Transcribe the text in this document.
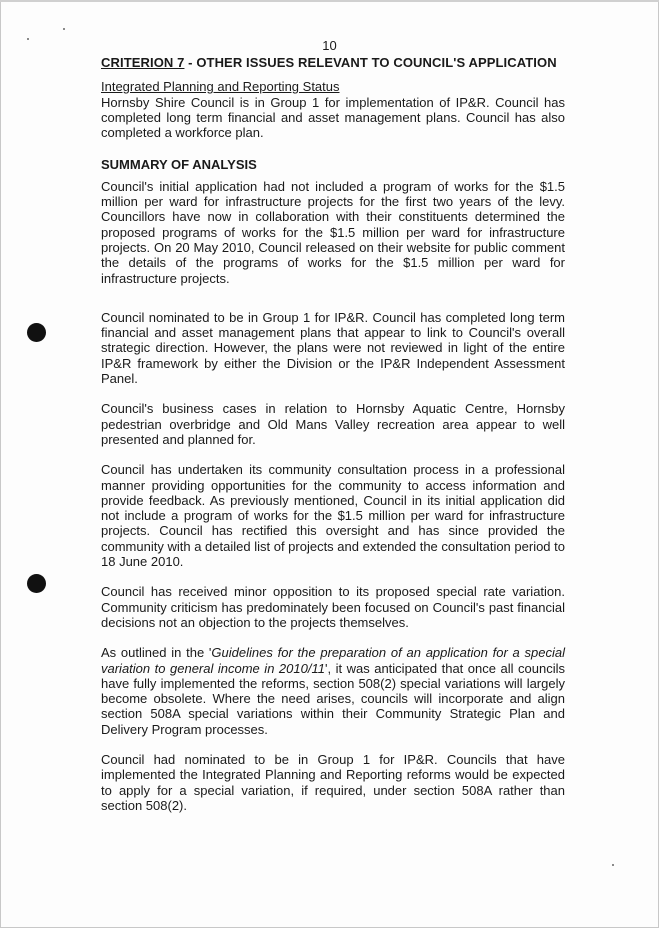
10

CRITERION 7 - OTHER ISSUES RELEVANT TO COUNCIL'S APPLICATION

Integrated Planning and Reporting Status

Hornsby Shire Council is in Group 1 for implementation of IP&R. Council has completed long term financial and asset management plans. Council has also completed a workforce plan.

SUMMARY OF ANALYSIS

Council's initial application had not included a program of works for the $1.5 million per ward for infrastructure projects for the first two years of the levy. Councillors have now in collaboration with their constituents determined the proposed programs of works for the $1.5 million per ward for infrastructure projects. On 20 May 2010, Council released on their website for public comment the details of the programs of works for the $1.5 million per ward for infrastructure projects.

Council nominated to be in Group 1 for IP&R. Council has completed long term financial and asset management plans that appear to link to Council's overall strategic direction. However, the plans were not reviewed in light of the entire IP&R framework by either the Division or the IP&R Independent Assessment Panel.

Council's business cases in relation to Hornsby Aquatic Centre, Hornsby pedestrian overbridge and Old Mans Valley recreation area appear to well presented and planned for.

Council has undertaken its community consultation process in a professional manner providing opportunities for the community to access information and provide feedback. As previously mentioned, Council in its initial application did not include a program of works for the $1.5 million per ward for infrastructure projects. Council has rectified this oversight and has since provided the community with a detailed list of projects and extended the consultation period to 18 June 2010.

Council has received minor opposition to its proposed special rate variation. Community criticism has predominately been focused on Council's past financial decisions not an objection to the projects themselves.

As outlined in the 'Guidelines for the preparation of an application for a special variation to general income in 2010/11', it was anticipated that once all councils have fully implemented the reforms, section 508(2) special variations will largely become obsolete. Where the need arises, councils will incorporate and align section 508A special variations within their Community Strategic Plan and Delivery Program processes.

Council had nominated to be in Group 1 for IP&R. Councils that have implemented the Integrated Planning and Reporting reforms would be expected to apply for a special variation, if required, under section 508A rather than section 508(2).
